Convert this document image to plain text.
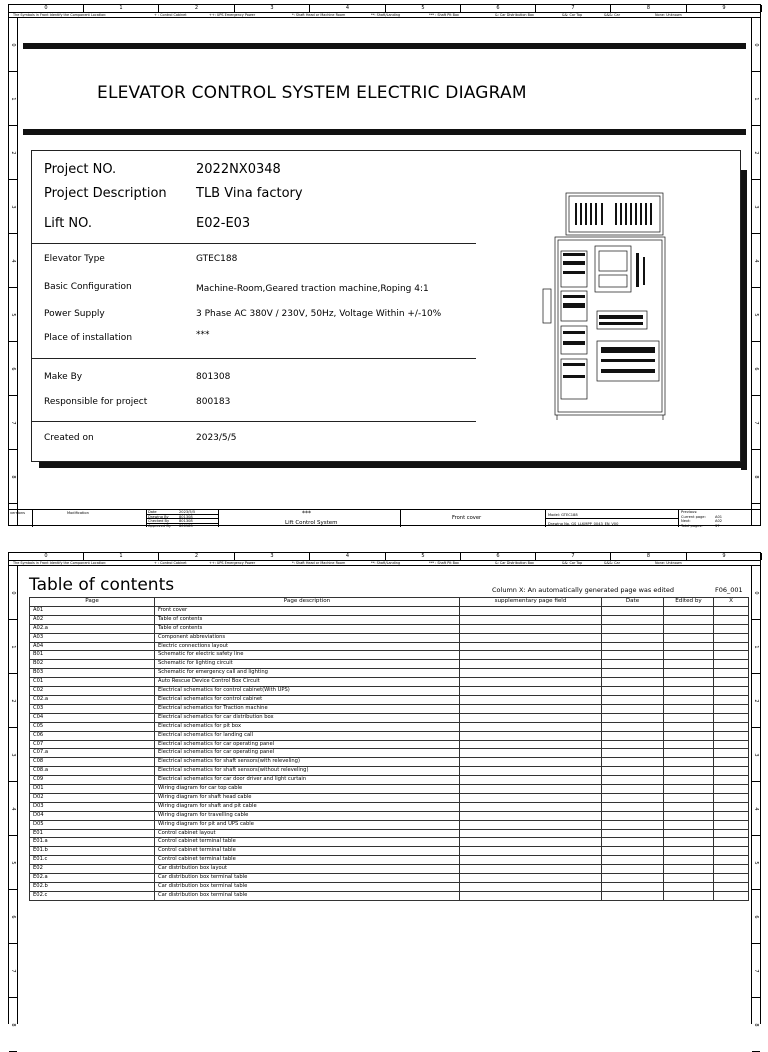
0	1	2	3	4	5	6	7	8	9
The Symbols in Front Identify the Component Location:	+ : Control Cabinet	++: UPS Emergency Power	*: Shaft Head or Machine Room	**: Shaft/Landing	*** : Shaft Pit Box	&: Car Distribution Box	&&: Car Top	&&&: Car	None: Unknown
0
1
2
3
4
5
6
7
8
0
1
2
3
4
5
6
7
8
ELEVATOR CONTROL SYSTEM ELECTRIC DIAGRAM
Project NO.	2022NX0348
Project Description TLB Vina factory
Lift NO.	E02-E03
Elevator Type	GTEC188
Basic Configuration	Machine-Room,Geared traction machine,Roping 4:1
Power Supply	3 Phase AC 380V / 230V, 50Hz, Voltage Within +/-10%
Place of installation	***
Make By	801308
Responsible for project	800183
Created on	2023/5/5
versions	Modification	Date	2023/5/5
Drawing By	801308
Checked By	801308
Approved By 800183
***
Lift Control System
Front cover
Model: GTEC188
Drawing No. GS_LLKMPP_0043_EN_V00
Previous:
Current page:	A01
Next:	A02
Total pages:	37
0	1	2	3	4	5	6	7	8	9
The Symbols in Front Identify the Component Location:	+ : Control Cabinet	++: UPS Emergency Power	*: Shaft Head or Machine Room	**: Shaft/Landing	*** : Shaft Pit Box	&: Car Distribution Box	&&: Car Top	&&&: Car	None: Unknown
0
1
2
3
4
5
6
7
8
0
1
2
3
4
5
6
7
8
Table of contents	Column X: An automatically generated page was edited	F06_001
Page	Page description	supplementary page field	Date	Edited by	X
A01	Front cover				
A02	Table of contents				
A02.a	Table of contents				
A03	Component abbreviations				
A04	Electric connections layout				
B01	Schematic for electric safety line				
B02	Schematic for lighting circuit				
B03	Schematic for emergency call and lighting				
C01	Auto Rescue Device Control Box Circuit				
C02	Electrical schematics for control cabinet(With UPS)				
C02.a	Electrical schematics for control cabinet				
C03	Electrical schematics for Traction machine				
C04	Electrical schematics for car distribution box				
C05	Electrical schematics for pit box				
C06	Electrical schematics for landing call				
C07	Electrical schematics for car operating panel				
C07.a	Electrical schematics for car operating panel				
C08	Electrical schematics for shaft sensors(with releveling)				
C08.a	Electrical schematics for shaft sensors(without releveling)				
C09	Electrical schematics for car door driver and light curtain				
D01	Wiring diagram for car top cable				
D02	Wiring diagram for shaft head cable				
D03	Wiring diagram for shaft and pit cable				
D04	Wiring diagram for travelling cable				
D05	Wiring diagram for pit and UPS cable				
E01	Control cabinet layout				
E01.a	Control cabinet terminal table				
E01.b	Control cabinet terminal table				
E01.c	Control cabinet terminal table				
E02	Car distribution box layout				
E02.a	Car distribution box terminal table				
E02.b	Car distribution box terminal table				
E02.c	Car distribution box terminal table				
